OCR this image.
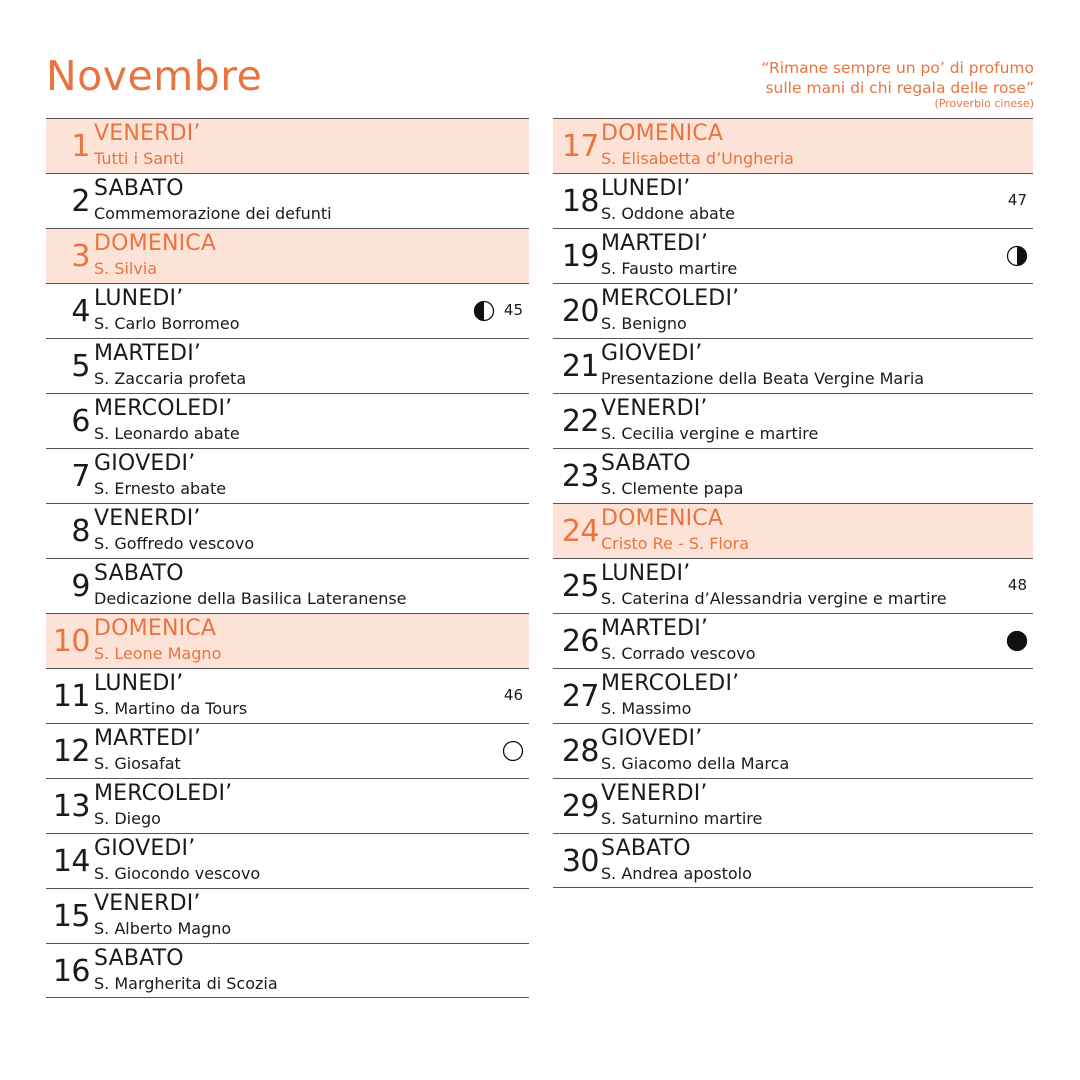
Novembre	“Rimane sempre un po’ di profumo
sulle mani di chi regala delle rose”
(Proverbio cinese)
1 VENERDI’
Tutti i Santi
2 SABATO
Commemorazione dei defunti
3 DOMENICA
S. Silvia
4 LUNEDI’
S. Carlo Borromeo
45
5 MARTEDI’
S. Zaccaria profeta
6 MERCOLEDI’
S. Leonardo abate
7 GIOVEDI’
S. Ernesto abate
8 VENERDI’
S. Goffredo vescovo
9 SABATO
Dedicazione della Basilica Lateranense
10 DOMENICA
S. Leone Magno
11 LUNEDI’
S. Martino da Tours
46
12 MARTEDI’
S. Giosafat
13 MERCOLEDI’
S. Diego
14 GIOVEDI’
S. Giocondo vescovo
15 VENERDI’
S. Alberto Magno
16 SABATO
S. Margherita di Scozia
17 DOMENICA
S. Elisabetta d’Ungheria
18 LUNEDI’
S. Oddone abate
47
19 MARTEDI’
S. Fausto martire
20 MERCOLEDI’
S. Benigno
21 GIOVEDI’
Presentazione della Beata Vergine Maria
22 VENERDI’
S. Cecilia vergine e martire
23 SABATO
S. Clemente papa
24 DOMENICA
Cristo Re - S. Flora
25 LUNEDI’
S. Caterina d’Alessandria vergine e martire
48
26 MARTEDI’
S. Corrado vescovo
27 MERCOLEDI’
S. Massimo
28 GIOVEDI’
S. Giacomo della Marca
29 VENERDI’
S. Saturnino martire
30 SABATO
S. Andrea apostolo
